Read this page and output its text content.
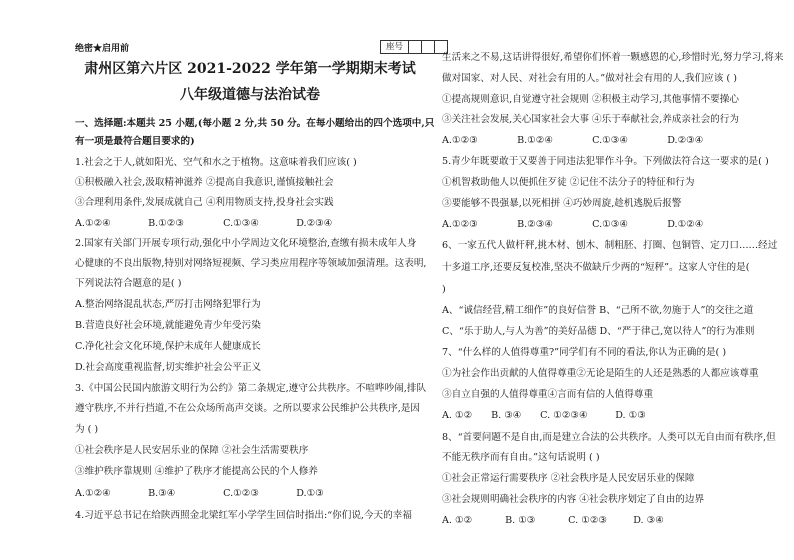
绝密★启用前
肃州区第六片区 2021-2022 学年第一学期期末考试
八年级道德与法治试卷
一、选择题:本题共 25 小题,(每小题 2 分,共 50 分。在每小题给出的四个选项中,只
有一项是最符合题目要求的)
1.社会之于人,就如阳光、空气和水之于植物。这意味着我们应该( )
①积极融入社会,汲取精神滋养 ②提高自我意识,谨慎接触社会
③合理利用条件,发展成就自己 ④利用物质支持,投身社会实践
A.①②④	B.①②③	C.①③④	D.②③④
2.国家有关部门开展专项行动,强化中小学周边文化环境整治,查缴有损未成年人身
心健康的不良出版物,特别对网络短视频、学习类应用程序等领域加强清理。这表明,
下列说法符合题意的是( )
A.整治网络混乱状态,严厉打击网络犯罪行为
B.营造良好社会环境,就能避免青少年受污染
C.净化社会文化环境,保护未成年人健康成长
D.社会高度重视监督,切实维护社会公平正义
3.《中国公民国内旅游文明行为公约》第二条规定,遵守公共秩序。不喧哗吵闹,排队
遵守秩序,不并行挡道,不在公众场所高声交谈。之所以要求公民维护公共秩序,是因
为 ( )
①社会秩序是人民安居乐业的保障 ②社会生活需要秩序
③维护秩序靠规则 ④维护了秩序才能提高公民的个人修养
A.①②④	B.③④	C.①②③	D.①③
4.习近平总书记在给陕西照金北梁红军小学学生回信时指出:“你们说,今天的幸福
座号
生活来之不易,这话讲得很好,希望你们怀着一颗感恩的心,珍惜时光,努力学习,将来
做对国家、对人民、对社会有用的人。”做对社会有用的人,我们应该 ( )
①提高规则意识,自觉遵守社会规则 ②积极主动学习,其他事情不要操心
③关注社会发展,关心国家社会大事 ④乐于奉献社会,养成亲社会的行为
A.①②③	B.①②④	C.①③④	D.②③④
5.青少年既要敢于又要善于同违法犯罪作斗争。下列做法符合这一要求的是( )
①机智救助他人以便抓住歹徒 ②记住不法分子的特征和行为
③要能够不畏强暴,以死相拼 ④巧妙周旋,趁机逃脱后报警
A.①②③	B.②③④	C.①③④	D.①②④
6、一家五代人做杆秤,挑木材、刨木、制粗胚、打圈、包铜管、定刀口……经过
十多道工序,还要反复校准,坚决不做缺斤少两的“短秤”。这家人守住的是(
)
A、“诚信经营,精工细作”的良好信誉 B、“己所不欲,勿施于人”的交往之道
C、“乐于助人,与人为善”的美好品德 D、“严于律己,宽以待人”的行为准则
7、“什么样的人值得尊重?”同学们有不同的看法,你认为正确的是( )
①为社会作出贡献的人值得尊重②无论是陌生的人还是熟悉的人都应该尊重
③自立自强的人值得尊重④言而有信的人值得尊重
A. ①② B. ③④ C. ①②③④	D. ①③
8、“首要问题不是自由,而是建立合法的公共秩序。人类可以无自由而有秩序,但
不能无秩序而有自由。”这句话说明 ( )
①社会正常运行需要秩序 ②社会秩序是人民安居乐业的保障
③社会规则明确社会秩序的内容 ④社会秩序划定了自由的边界
A. ①②	B. ①③	C. ①②③	D. ③④
